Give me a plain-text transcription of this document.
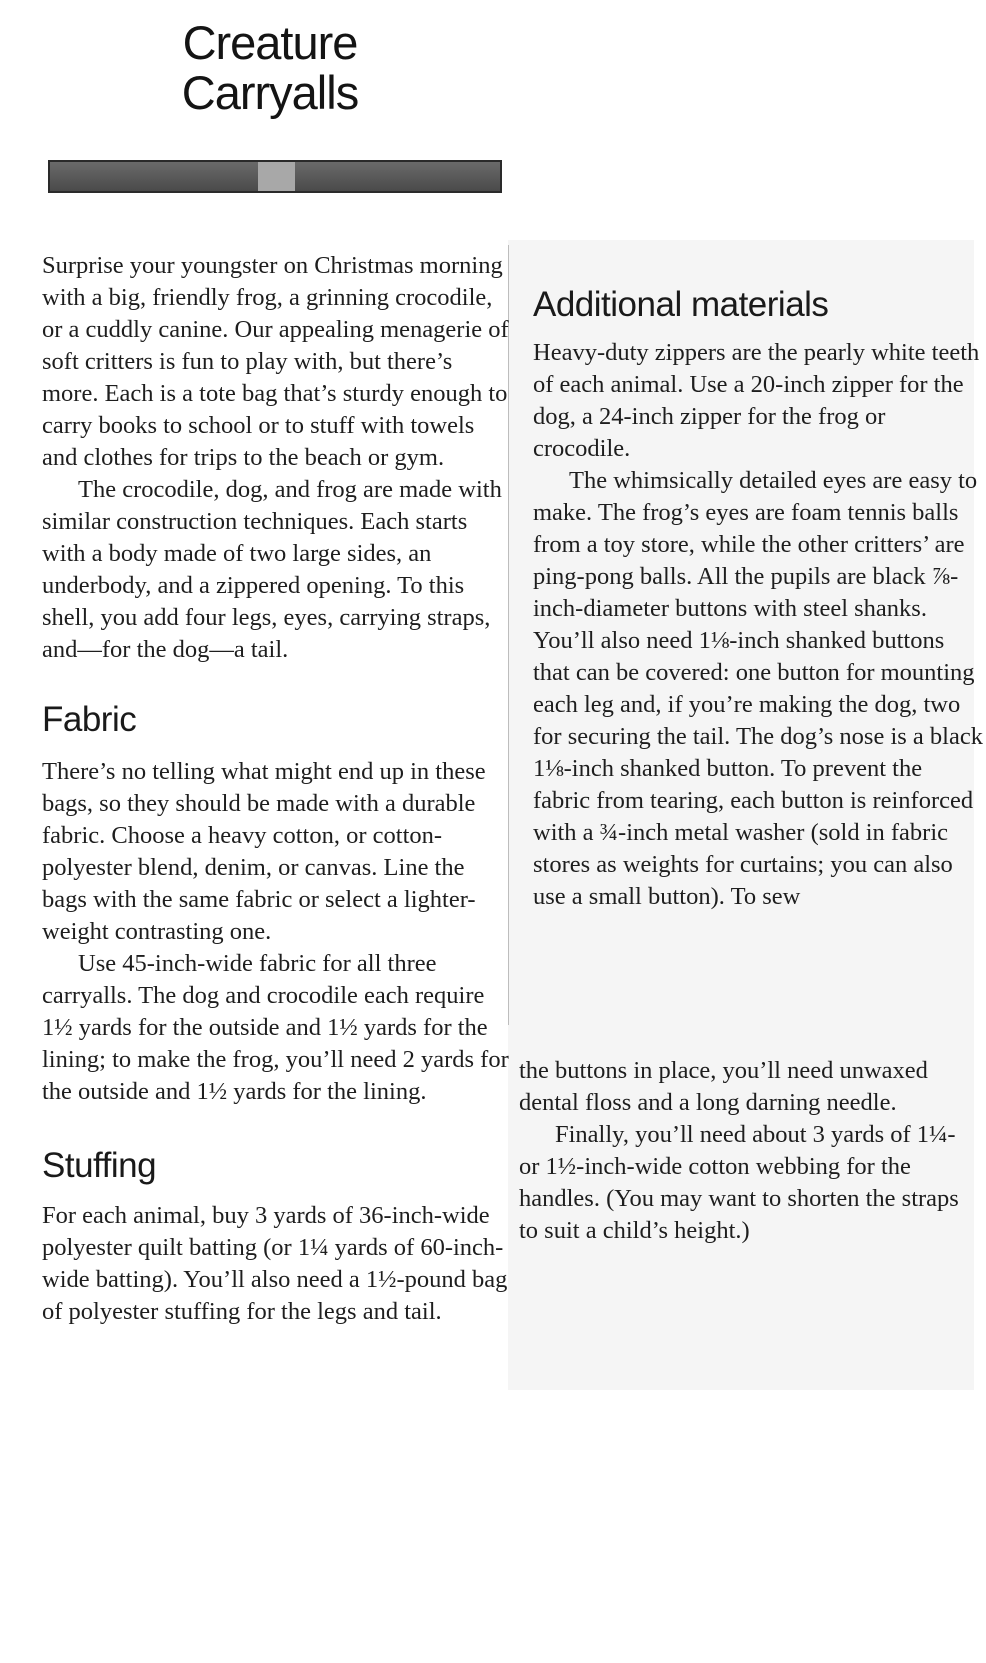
Creature
Carryalls

Surprise your youngster on Christmas morning with a big, friendly frog, a grinning crocodile, or a cuddly canine. Our appealing menagerie of soft critters is fun to play with, but there’s more. Each is a tote bag that’s sturdy enough to carry books to school or to stuff with towels and clothes for trips to the beach or gym.

The crocodile, dog, and frog are made with similar construction techniques. Each starts with a body made of two large sides, an underbody, and a zippered opening. To this shell, you add four legs, eyes, carrying straps, and—for the dog—a tail.

Fabric

There’s no telling what might end up in these bags, so they should be made with a durable fabric. Choose a heavy cotton, or cotton-polyester blend, denim, or canvas. Line the bags with the same fabric or select a lighter-weight contrasting one.

Use 45-inch-wide fabric for all three carryalls. The dog and crocodile each require 1½ yards for the outside and 1½ yards for the lining; to make the frog, you’ll need 2 yards for the outside and 1½ yards for the lining.

Stuffing

For each animal, buy 3 yards of 36-inch-wide polyester quilt batting (or 1¼ yards of 60-inch-wide batting). You’ll also need a 1½-pound bag of polyester stuffing for the legs and tail.

Additional materials

Heavy-duty zippers are the pearly white teeth of each animal. Use a 20-inch zipper for the dog, a 24-inch zipper for the frog or crocodile.

The whimsically detailed eyes are easy to make. The frog’s eyes are foam tennis balls from a toy store, while the other critters’ are ping-pong balls. All the pupils are black ⅞-inch-diameter buttons with steel shanks. You’ll also need 1⅛-inch shanked buttons that can be covered: one button for mounting each leg and, if you’re making the dog, two for securing the tail. The dog’s nose is a black 1⅛-inch shanked button. To prevent the fabric from tearing, each button is reinforced with a ¾-inch metal washer (sold in fabric stores as weights for curtains; you can also use a small button). To sew

the buttons in place, you’ll need unwaxed dental floss and a long darning needle.

Finally, you’ll need about 3 yards of 1¼- or 1½-inch-wide cotton webbing for the handles. (You may want to shorten the straps to suit a child’s height.)
